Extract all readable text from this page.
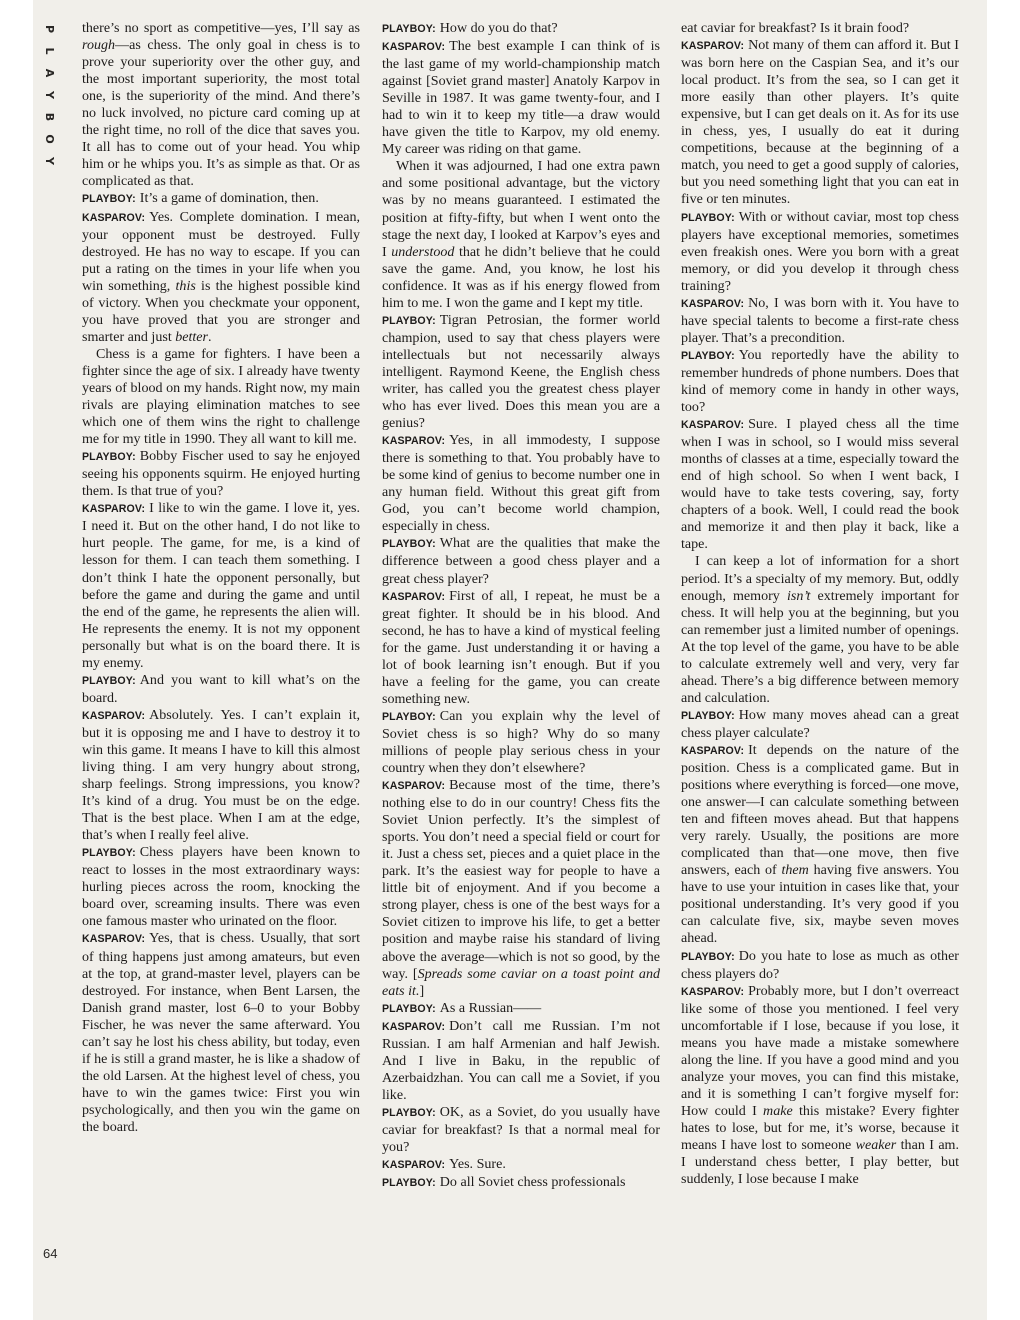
P
L
A
Y
B
O
Y
64

there’s no sport as competitive—yes, I’ll say as rough—as chess. The only goal in chess is to prove your superiority over the other guy, and the most important superiority, the most total one, is the superiority of the mind. And there’s no luck involved, no picture card coming up at the right time, no roll of the dice that saves you. It all has to come out of your head. You whip him or he whips you. It’s as simple as that. Or as complicated as that.

PLAYBOY: It’s a game of domination, then.

KASPAROV: Yes. Complete domination. I mean, your opponent must be destroyed. Fully destroyed. He has no way to escape. If you can put a rating on the times in your life when you win something, this is the highest possible kind of victory. When you checkmate your opponent, you have proved that you are stronger and smarter and just better.

Chess is a game for fighters. I have been a fighter since the age of six. I already have twenty years of blood on my hands. Right now, my main rivals are playing elimination matches to see which one of them wins the right to challenge me for my title in 1990. They all want to kill me.

PLAYBOY: Bobby Fischer used to say he enjoyed seeing his opponents squirm. He enjoyed hurting them. Is that true of you?

KASPAROV: I like to win the game. I love it, yes. I need it. But on the other hand, I do not like to hurt people. The game, for me, is a kind of lesson for them. I can teach them something. I don’t think I hate the opponent personally, but before the game and during the game and until the end of the game, he represents the alien will. He represents the enemy. It is not my opponent personally but what is on the board there. It is my enemy.

PLAYBOY: And you want to kill what’s on the board.

KASPAROV: Absolutely. Yes. I can’t explain it, but it is opposing me and I have to destroy it to win this game. It means I have to kill this almost living thing. I am very hungry about strong, sharp feelings. Strong impressions, you know? It’s kind of a drug. You must be on the edge. That is the best place. When I am at the edge, that’s when I really feel alive.

PLAYBOY: Chess players have been known to react to losses in the most extraordinary ways: hurling pieces across the room, knocking the board over, screaming insults. There was even one famous master who urinated on the floor.

KASPAROV: Yes, that is chess. Usually, that sort of thing happens just among amateurs, but even at the top, at grand-master level, players can be destroyed. For instance, when Bent Larsen, the Danish grand master, lost 6–0 to your Bobby Fischer, he was never the same afterward. You can’t say he lost his chess ability, but today, even if he is still a grand master, he is like a shadow of the old Larsen. At the highest level of chess, you have to win the games twice: First you win psychologically, and then you win the game on the board.

PLAYBOY: How do you do that?

KASPAROV: The best example I can think of is the last game of my world-championship match against [Soviet grand master] Anatoly Karpov in Seville in 1987. It was game twenty-four, and I had to win it to keep my title—a draw would have given the title to Karpov, my old enemy. My career was riding on that game.

When it was adjourned, I had one extra pawn and some positional advantage, but the victory was by no means guaranteed. I estimated the position at fifty-fifty, but when I went onto the stage the next day, I looked at Karpov’s eyes and I understood that he didn’t believe that he could save the game. And, you know, he lost his confidence. It was as if his energy flowed from him to me. I won the game and I kept my title.

PLAYBOY: Tigran Petrosian, the former world champion, used to say that chess players were intellectuals but not necessarily always intelligent. Raymond Keene, the English chess writer, has called you the greatest chess player who has ever lived. Does this mean you are a genius?

KASPAROV: Yes, in all immodesty, I suppose there is something to that. You probably have to be some kind of genius to become number one in any human field. Without this great gift from God, you can’t become world champion, especially in chess.

PLAYBOY: What are the qualities that make the difference between a good chess player and a great chess player?

KASPAROV: First of all, I repeat, he must be a great fighter. It should be in his blood. And second, he has to have a kind of mystical feeling for the game. Just understanding it or having a lot of book learning isn’t enough. But if you have a feeling for the game, you can create something new.

PLAYBOY: Can you explain why the level of Soviet chess is so high? Why do so many millions of people play serious chess in your country when they don’t elsewhere?

KASPAROV: Because most of the time, there’s nothing else to do in our country! Chess fits the Soviet Union perfectly. It’s the simplest of sports. You don’t need a special field or court for it. Just a chess set, pieces and a quiet place in the park. It’s the easiest way for people to have a little bit of enjoyment. And if you become a strong player, chess is one of the best ways for a Soviet citizen to improve his life, to get a better position and maybe raise his standard of living above the average—which is not so good, by the way. [Spreads some caviar on a toast point and eats it.]

PLAYBOY: As a Russian——

KASPAROV: Don’t call me Russian. I’m not Russian. I am half Armenian and half Jewish. And I live in Baku, in the republic of Azerbaidzhan. You can call me a Soviet, if you like.

PLAYBOY: OK, as a Soviet, do you usually have caviar for breakfast? Is that a normal meal for you?

KASPAROV: Yes. Sure.

PLAYBOY: Do all Soviet chess professionals

eat caviar for breakfast? Is it brain food?

KASPAROV: Not many of them can afford it. But I was born here on the Caspian Sea, and it’s our local product. It’s from the sea, so I can get it more easily than other players. It’s quite expensive, but I can get deals on it. As for its use in chess, yes, I usually do eat it during competitions, because at the beginning of a match, you need to get a good supply of calories, but you need something light that you can eat in five or ten minutes.

PLAYBOY: With or without caviar, most top chess players have exceptional memories, sometimes even freakish ones. Were you born with a great memory, or did you develop it through chess training?

KASPAROV: No, I was born with it. You have to have special talents to become a first-rate chess player. That’s a precondition.

PLAYBOY: You reportedly have the ability to remember hundreds of phone numbers. Does that kind of memory come in handy in other ways, too?

KASPAROV: Sure. I played chess all the time when I was in school, so I would miss several months of classes at a time, especially toward the end of high school. So when I went back, I would have to take tests covering, say, forty chapters of a book. Well, I could read the book and memorize it and then play it back, like a tape.

I can keep a lot of information for a short period. It’s a specialty of my memory. But, oddly enough, memory isn’t extremely important for chess. It will help you at the beginning, but you can remember just a limited number of openings. At the top level of the game, you have to be able to calculate extremely well and very, very far ahead. There’s a big difference between memory and calculation.

PLAYBOY: How many moves ahead can a great chess player calculate?

KASPAROV: It depends on the nature of the position. Chess is a complicated game. But in positions where everything is forced—one move, one answer—I can calculate something between ten and fifteen moves ahead. But that happens very rarely. Usually, the positions are more complicated than that—one move, then five answers, each of them having five answers. You have to use your intuition in cases like that, your positional understanding. It’s very good if you can calculate five, six, maybe seven moves ahead.

PLAYBOY: Do you hate to lose as much as other chess players do?

KASPAROV: Probably more, but I don’t overreact like some of those you mentioned. I feel very uncomfortable if I lose, because if you lose, it means you have made a mistake somewhere along the line. If you have a good mind and you analyze your moves, you can find this mistake, and it is something I can’t forgive myself for: How could I make this mistake? Every fighter hates to lose, but for me, it’s worse, because it means I have lost to someone weaker than I am. I understand chess better, I play better, but suddenly, I lose because I make
